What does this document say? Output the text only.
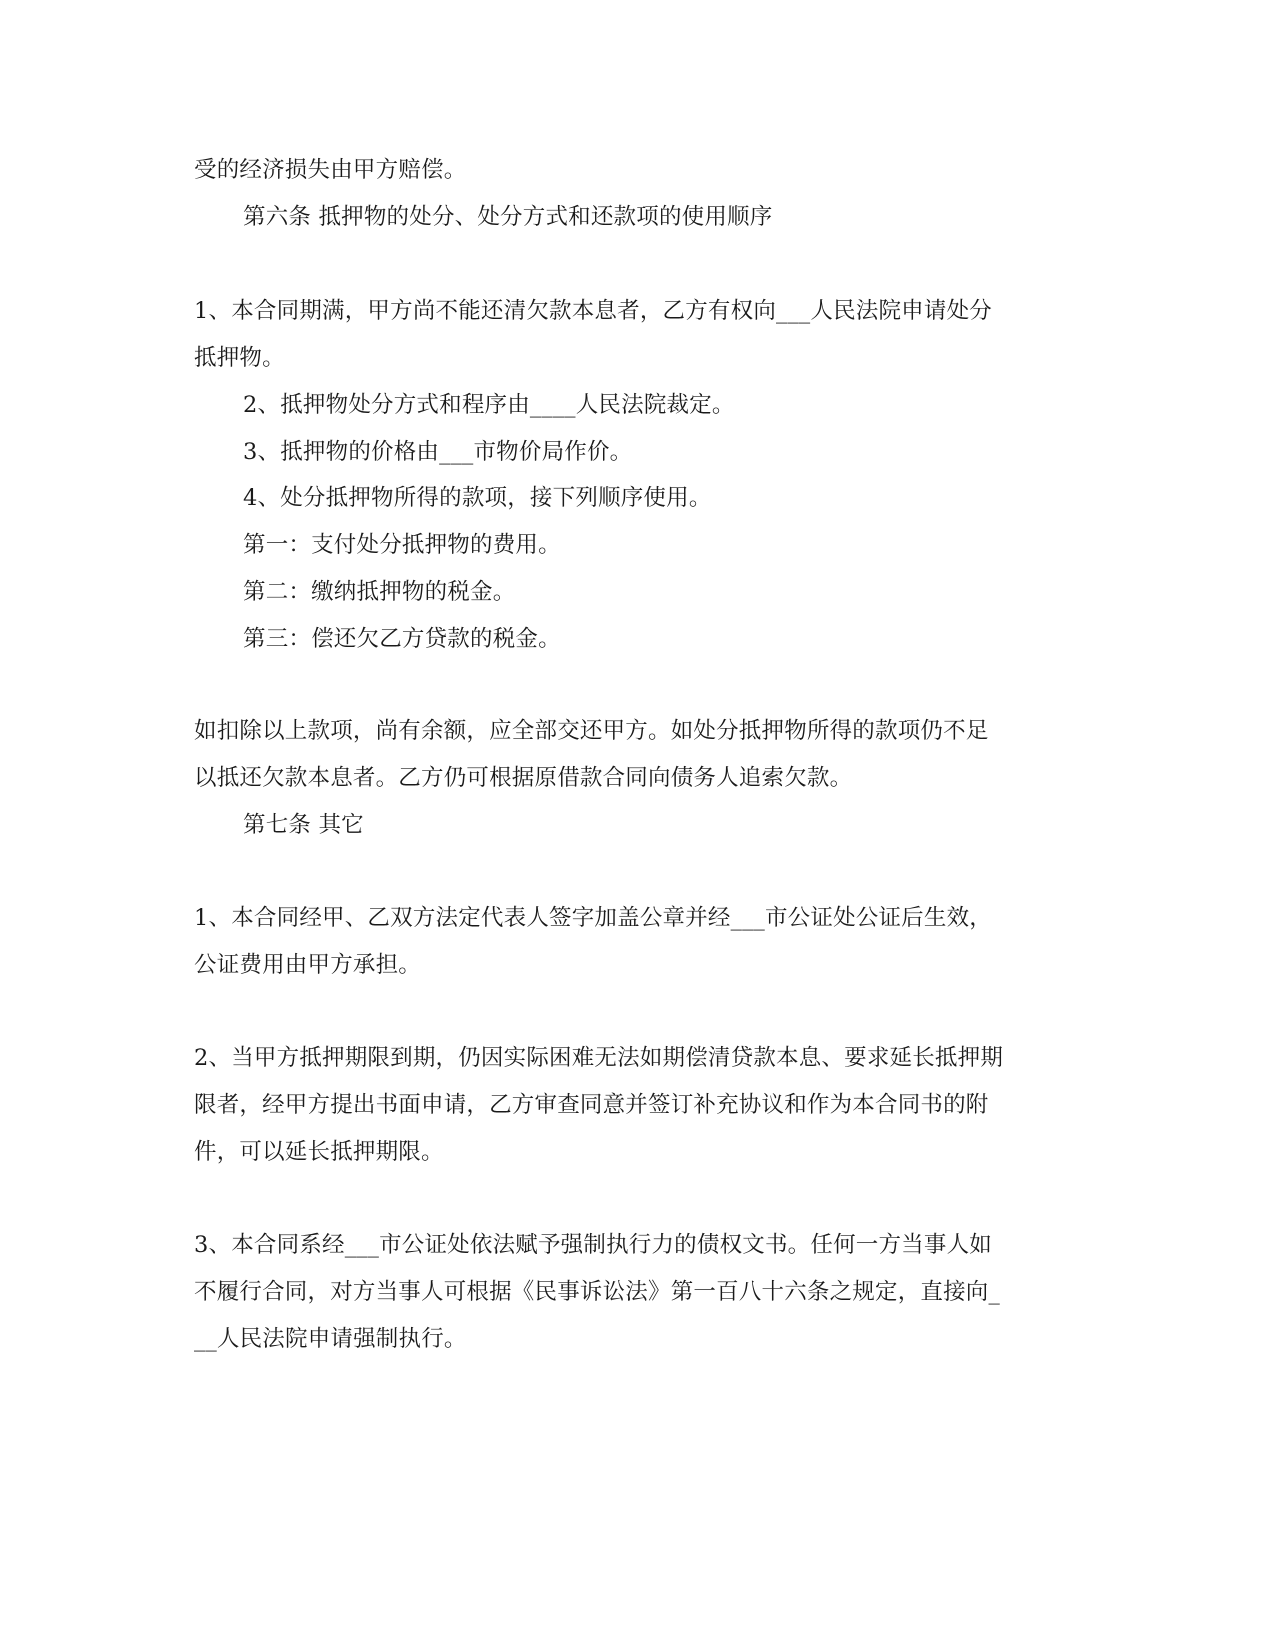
受的经济损失由甲方赔偿。

第六条 抵押物的处分、处分方式和还款项的使用顺序

1、本合同期满，甲方尚不能还清欠款本息者，乙方有权向___人民法院申请处分

抵押物。

2、抵押物处分方式和程序由____人民法院裁定。

3、抵押物的价格由___市物价局作价。

4、处分抵押物所得的款项，接下列顺序使用。

第一：支付处分抵押物的费用。

第二：缴纳抵押物的税金。

第三：偿还欠乙方贷款的税金。

如扣除以上款项，尚有余额，应全部交还甲方。如处分抵押物所得的款项仍不足

以抵还欠款本息者。乙方仍可根据原借款合同向债务人追索欠款。

第七条 其它

1、本合同经甲、乙双方法定代表人签字加盖公章并经___市公证处公证后生效，

公证费用由甲方承担。

2、当甲方抵押期限到期，仍因实际困难无法如期偿清贷款本息、要求延长抵押期

限者，经甲方提出书面申请，乙方审查同意并签订补充协议和作为本合同书的附

件，可以延长抵押期限。

3、本合同系经___市公证处依法赋予强制执行力的债权文书。任何一方当事人如

不履行合同，对方当事人可根据《民事诉讼法》第一百八十六条之规定，直接向_

__人民法院申请强制执行。
